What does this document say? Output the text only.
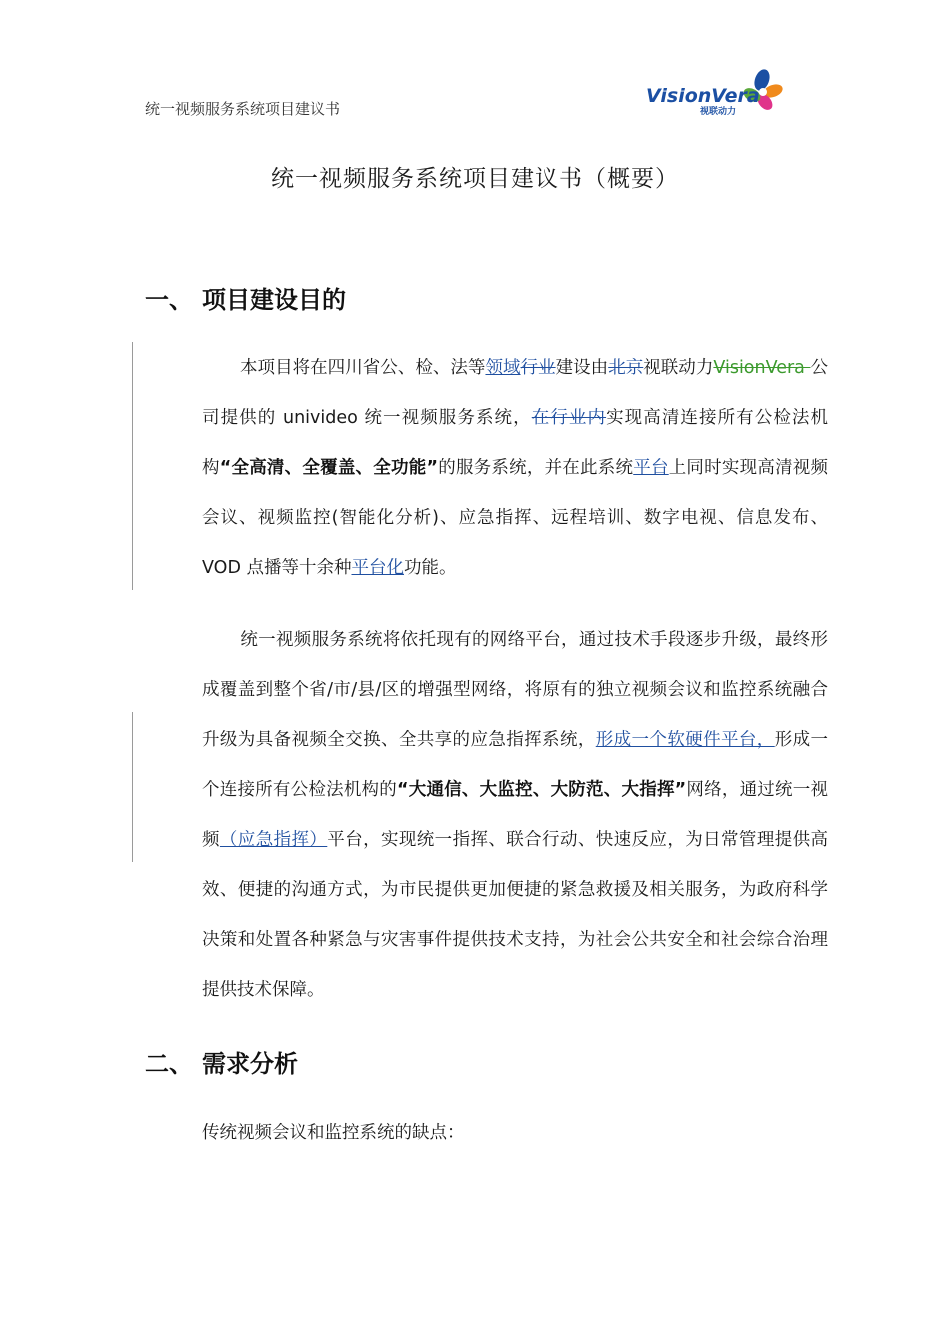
统一视频服务系统项目建议书
VisionVera
视联动力
统一视频服务系统项目建议书（概要）
一、 项目建设目的
本项目将在四川省公、检、法等领域行业建设由北京视联动力VisionVera 公司提供的 univideo 统一视频服务系统，在行业内实现高清连接所有公检法机构“全高清、全覆盖、全功能”的服务系统，并在此系统平台上同时实现高清视频会议、视频监控(智能化分析)、应急指挥、远程培训、数字电视、信息发布、VOD 点播等十余种平台化功能。
统一视频服务系统将依托现有的网络平台，通过技术手段逐步升级，最终形成覆盖到整个省/市/县/区的增强型网络，将原有的独立视频会议和监控系统融合升级为具备视频全交换、全共享的应急指挥系统，形成一个软硬件平台，形成一个连接所有公检法机构的“大通信、大监控、大防范、大指挥”网络，通过统一视频（应急指挥）平台，实现统一指挥、联合行动、快速反应，为日常管理提供高效、便捷的沟通方式，为市民提供更加便捷的紧急救援及相关服务，为政府科学决策和处置各种紧急与灾害事件提供技术支持，为社会公共安全和社会综合治理提供技术保障。
二、 需求分析
传统视频会议和监控系统的缺点：
